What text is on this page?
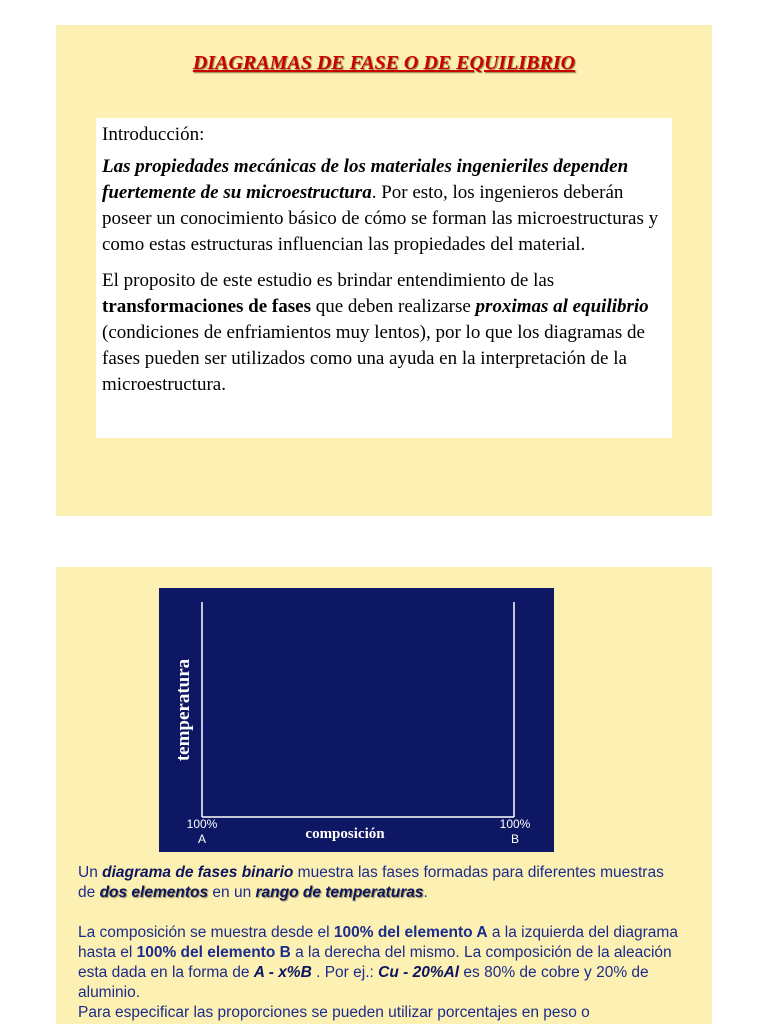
DIAGRAMAS DE FASE O DE EQUILIBRIO

Introducción:

Las propiedades mecánicas de los materiales ingenieriles dependen fuertemente de su microestructura. Por esto, los ingenieros deberán poseer un conocimiento básico de cómo se forman las microestructuras y como estas estructuras influencian las propiedades del material.

El proposito de este estudio es brindar entendimiento de las transformaciones de fases que deben realizarse proximas al equilibrio (condiciones de enfriamientos muy lentos), por lo que los diagramas de fases pueden ser utilizados como una ayuda en la interpretación de la microestructura.

temperatura
composición
100%
A
100%
B

Un diagrama de fases binario muestra las fases formadas para diferentes muestras de dos elementos en un rango de temperaturas.

La composición se muestra desde el 100% del elemento A a la izquierda del diagrama hasta el 100% del elemento B a la derecha del mismo. La composición de la aleación esta dada en la forma de A - x%B . Por ej.: Cu - 20%Al es 80% de cobre y 20% de aluminio.

Para especificar las proporciones se pueden utilizar porcentajes en peso o
